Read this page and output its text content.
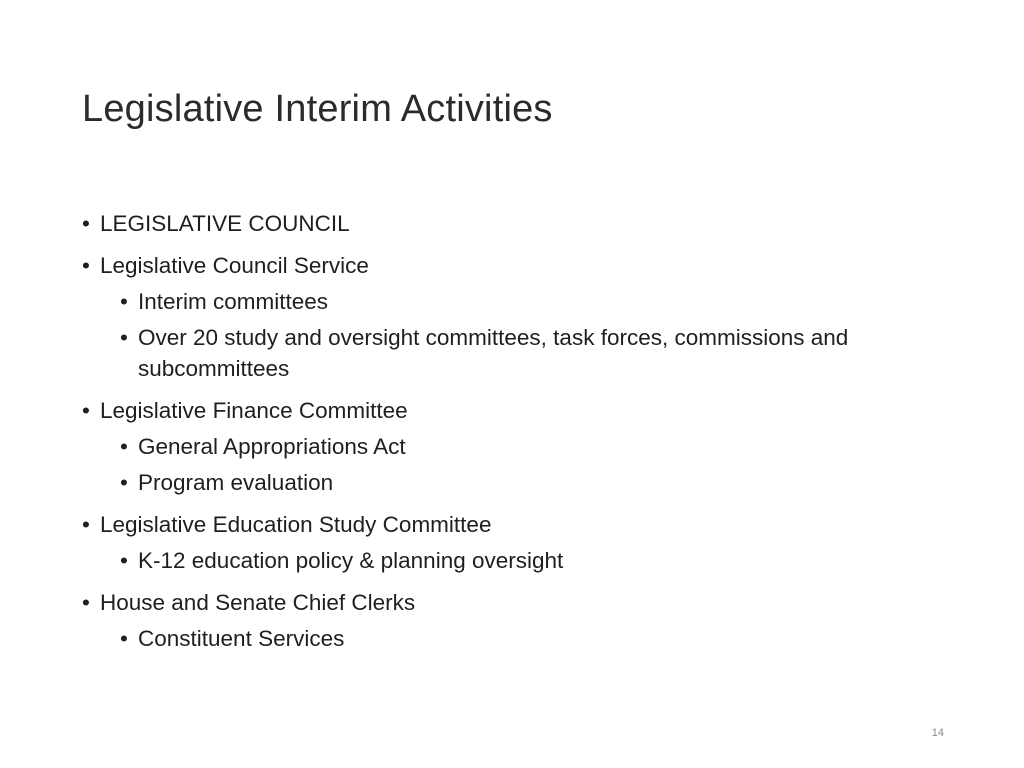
Legislative Interim Activities
• LEGISLATIVE COUNCIL
• Legislative Council Service
• Interim committees
• Over 20 study and oversight committees, task forces, commissions and subcommittees
• Legislative Finance Committee
• General Appropriations Act
• Program evaluation
• Legislative Education Study Committee
• K-12 education policy & planning oversight
• House and Senate Chief Clerks
• Constituent Services
14
